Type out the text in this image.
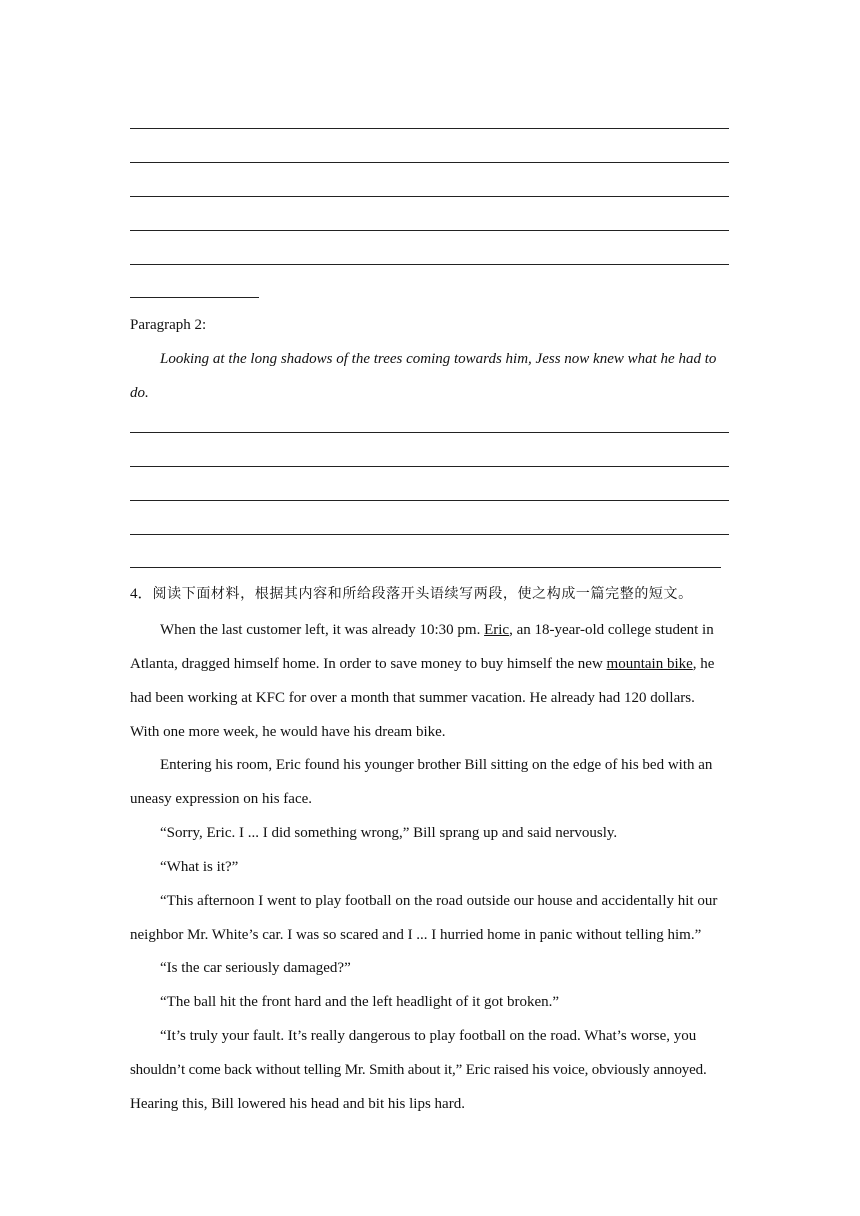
Paragraph 2:
Looking at the long shadows of the trees coming towards him, Jess now knew what he had to
do.
4．阅读下面材料，根据其内容和所给段落开头语续写两段，使之构成一篇完整的短文。
When the last customer left, it was already 10:30 pm. Eric, an 18-year-old college student in
Atlanta, dragged himself home. In order to save money to buy himself the new mountain bike, he
had been working at KFC for over a month that summer vacation. He already had 120 dollars.
With one more week, he would have his dream bike.
Entering his room, Eric found his younger brother Bill sitting on the edge of his bed with an
uneasy expression on his face.
“Sorry, Eric. I ... I did something wrong,” Bill sprang up and said nervously.
“What is it?”
“This afternoon I went to play football on the road outside our house and accidentally hit our
neighbor Mr. White’s car. I was so scared and I ... I hurried home in panic without telling him.”
“Is the car seriously damaged?”
“The ball hit the front hard and the left headlight of it got broken.”
“It’s truly your fault. It’s really dangerous to play football on the road. What’s worse, you
shouldn’t come back without telling Mr. Smith about it,” Eric raised his voice, obviously annoyed.
Hearing this, Bill lowered his head and bit his lips hard.
